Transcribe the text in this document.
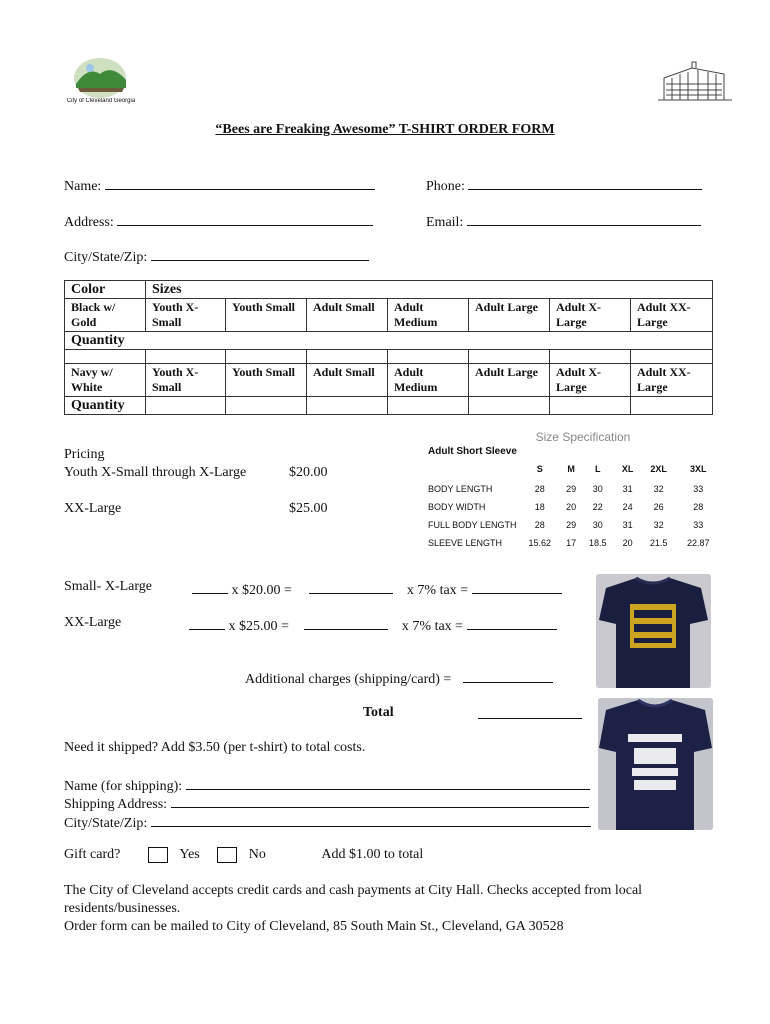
City of Cleveland Georgia
“Bees are Freaking Awesome” T-SHIRT ORDER FORM
Name:	Phone:
Address:	Email:
City/State/Zip:
Color	Sizes						
Black w/ Gold	Youth X-Small	Youth Small	Adult Small	Adult Medium	Adult Large	Adult X-Large	Adult XX-Large
Quantity							

Navy w/ White	Youth X-Small	Youth Small	Adult Small	Adult Medium	Adult Large	Adult X-Large	Adult XX-Large
Quantity							
Pricing
Youth X-Small through X-Large	$20.00
XX-Large	$25.00
Size Specification
Adult Short Sleeve
	S	M	L	XL	2XL	3XL
BODY LENGTH	28	29	30	31	32	33
BODY WIDTH	18	20	22	24	26	28
FULL BODY LENGTH	28	29	30	31	32	33
SLEEVE LENGTH	15.62	17	18.5	20	21.5	22.87
Small- X-Large	x $20.00 =	x 7% tax =
XX-Large	x $25.00 =	x 7% tax =
Additional charges (shipping/card) =
Total
Need it shipped? Add $3.50 (per t-shirt) to total costs.
Name (for shipping):
Shipping Address:
City/State/Zip:
Gift card?	Yes	No	Add $1.00 to total
The City of Cleveland accepts credit cards and cash payments at City Hall. Checks accepted from local residents/businesses.
Order form can be mailed to City of Cleveland, 85 South Main St., Cleveland, GA 30528
